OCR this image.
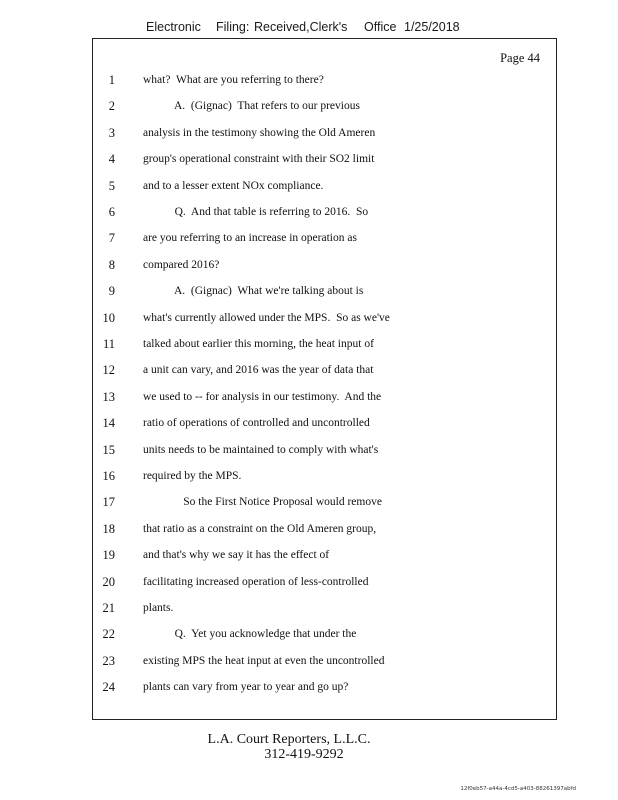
Electronic Filing: Received,Clerk's Office 1/25/2018
Page 44
1 what?  What are you referring to there?
2 A.  (Gignac)  That refers to our previous
3 analysis in the testimony showing the Old Ameren
4 group's operational constraint with their SO2 limit
5 and to a lesser extent NOx compliance.
6 Q.  And that table is referring to 2016.  So
7 are you referring to an increase in operation as
8 compared 2016?
9 A.  (Gignac)  What we're talking about is
10 what's currently allowed under the MPS.  So as we've
11 talked about earlier this morning, the heat input of
12 a unit can vary, and 2016 was the year of data that
13 we used to -- for analysis in our testimony.  And the
14 ratio of operations of controlled and uncontrolled
15 units needs to be maintained to comply with what's
16 required by the MPS.
17 So the First Notice Proposal would remove
18 that ratio as a constraint on the Old Ameren group,
19 and that's why we say it has the effect of
20 facilitating increased operation of less-controlled
21 plants.
22 Q.  Yet you acknowledge that under the
23 existing MPS the heat input at even the uncontrolled
24 plants can vary from year to year and go up?
L.A. Court Reporters, L.L.C.
312-419-9292
12f0eb57-a44a-4cd5-a403-88261397abfd
